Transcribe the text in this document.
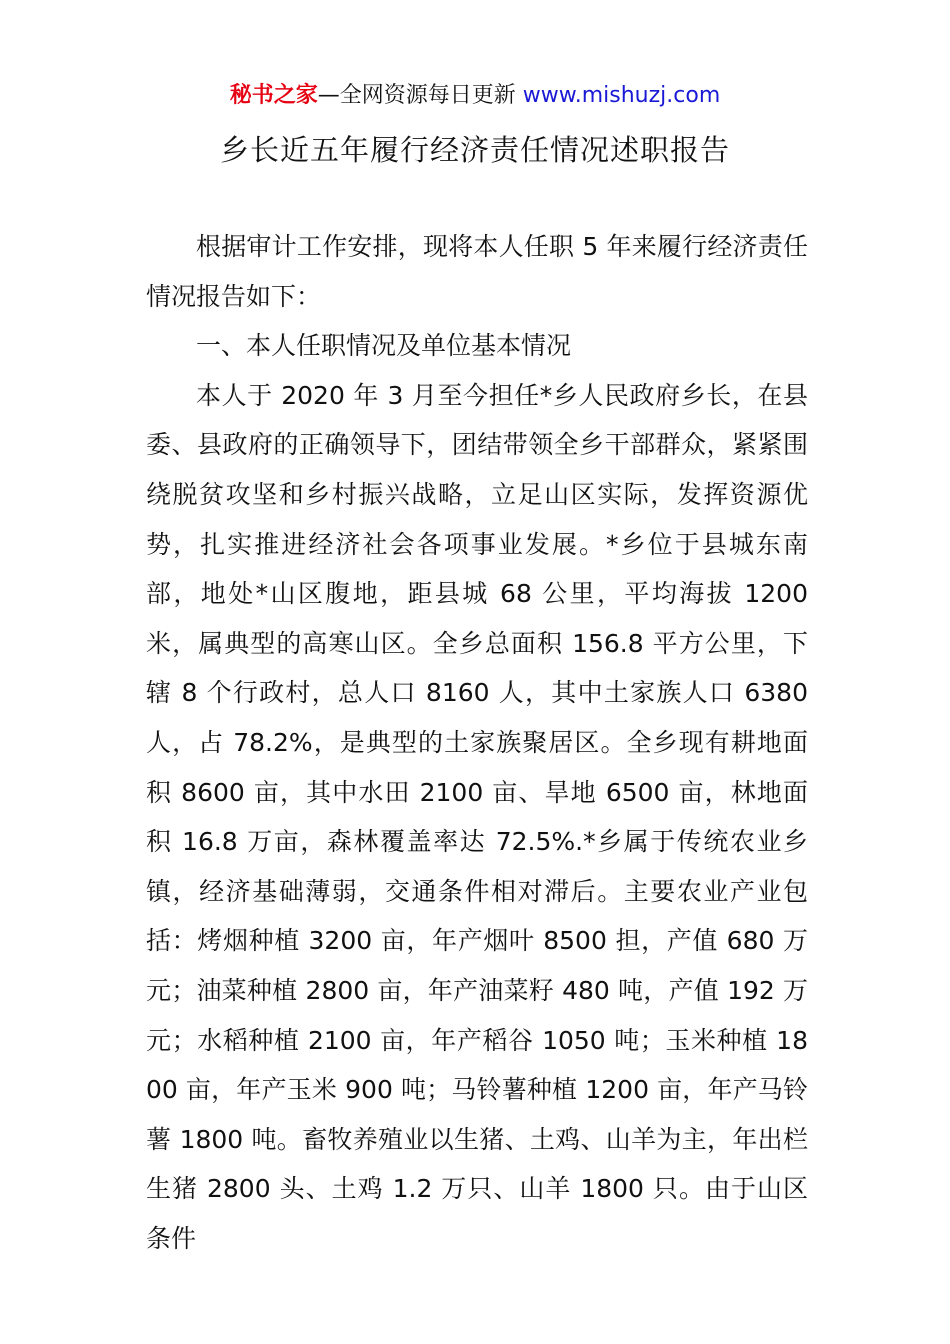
秘书之家—全网资源每日更新 www.mishuzj.com
乡长近五年履行经济责任情况述职报告

根据审计工作安排，现将本人任职 5 年来履行经济责任情况报告如下：

一、本人任职情况及单位基本情况

本人于 2020 年 3 月至今担任*乡人民政府乡长，在县委、县政府的正确领导下，团结带领全乡干部群众，紧紧围绕脱贫攻坚和乡村振兴战略，立足山区实际，发挥资源优势，扎实推进经济社会各项事业发展。*乡位于县城东南部，地处*山区腹地，距县城 68 公里，平均海拔 1200 米，属典型的高寒山区。全乡总面积 156.8 平方公里，下辖 8 个行政村，总人口 8160 人，其中土家族人口 6380 人，占 78.2%，是典型的土家族聚居区。全乡现有耕地面积 8600 亩，其中水田 2100 亩、旱地 6500 亩，林地面积 16.8 万亩，森林覆盖率达 72.5%.*乡属于传统农业乡镇，经济基础薄弱，交通条件相对滞后。主要农业产业包括：烤烟种植 3200 亩，年产烟叶 8500 担，产值 680 万元；油菜种植 2800 亩，年产油菜籽 480 吨，产值 192 万元；水稻种植 2100 亩，年产稻谷 1050 吨；玉米种植 1800 亩，年产玉米 900 吨；马铃薯种植 1200 亩，年产马铃薯 1800 吨。畜牧养殖业以生猪、土鸡、山羊为主，年出栏生猪 2800 头、土鸡 1.2 万只、山羊 1800 只。由于山区条件
